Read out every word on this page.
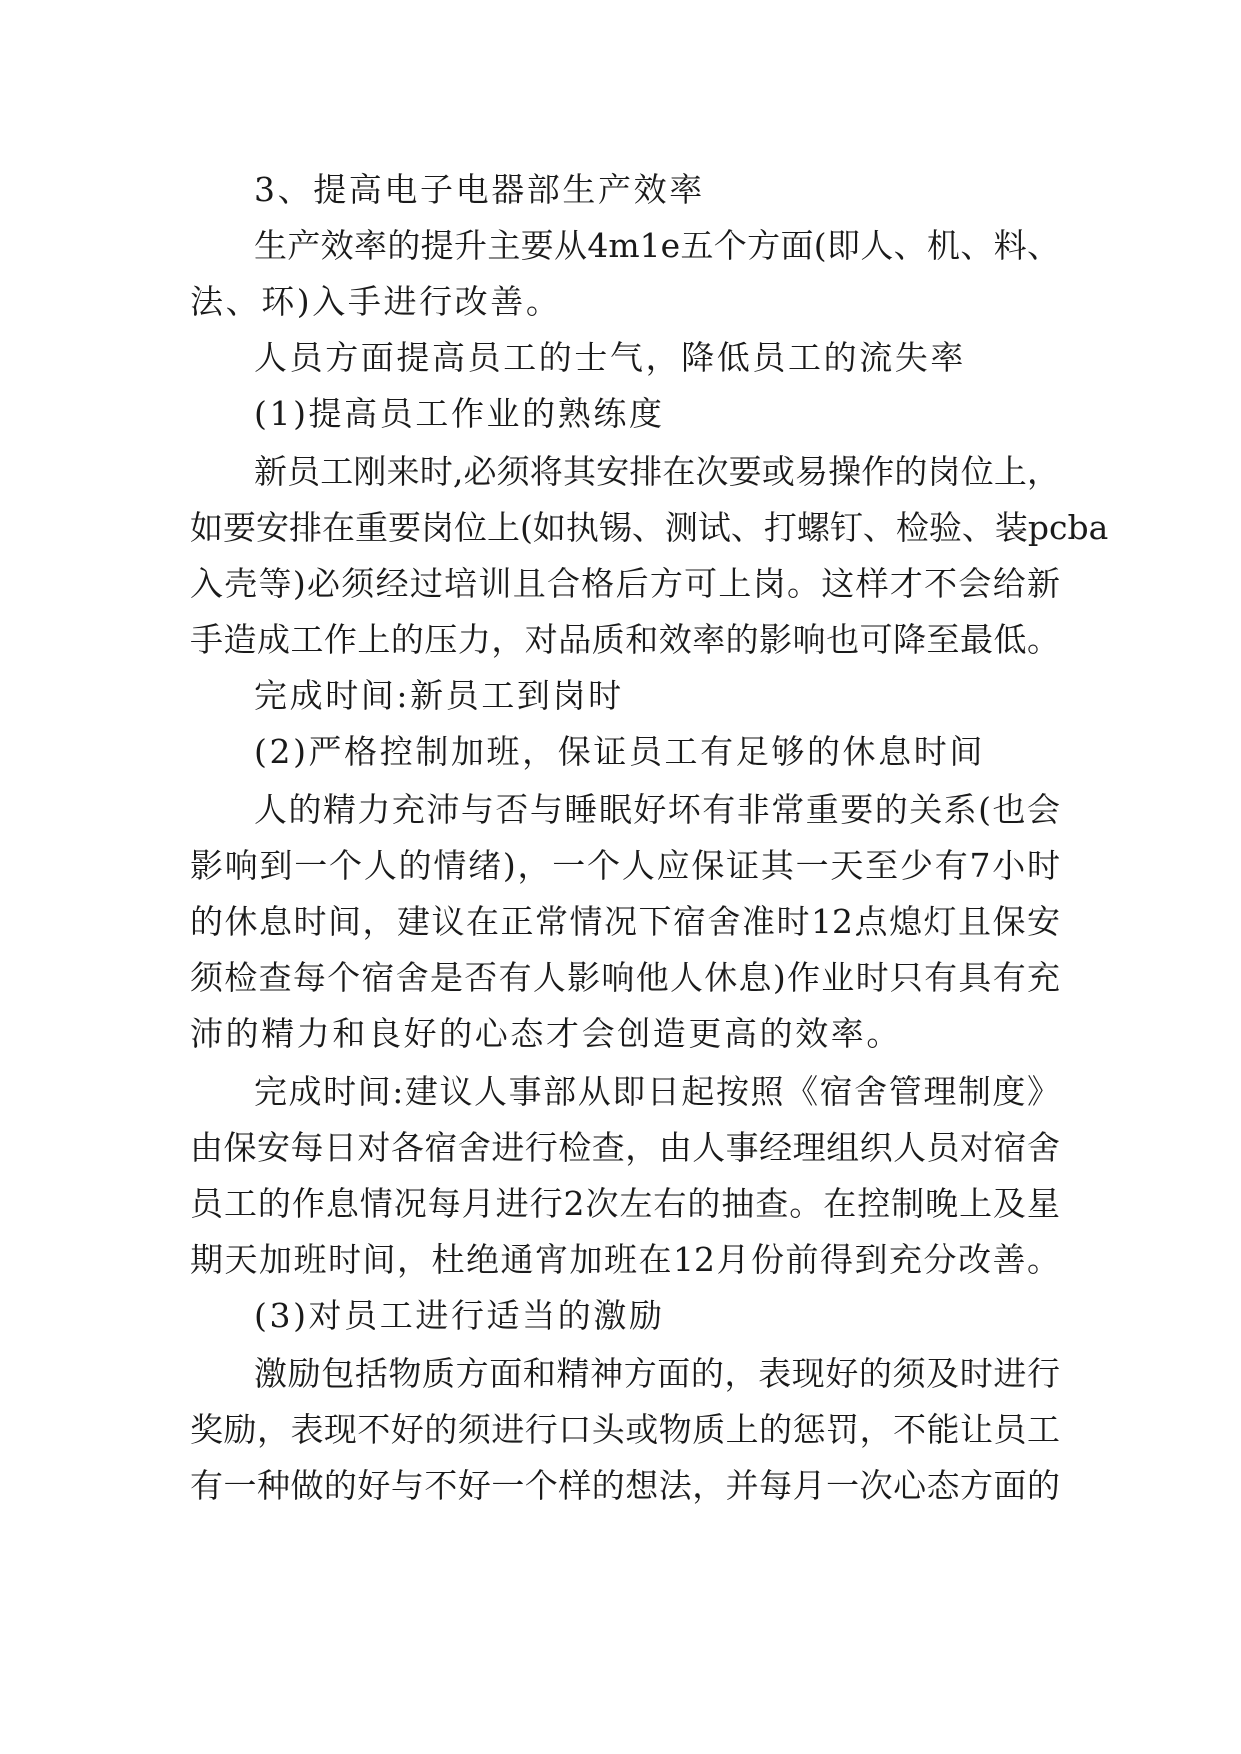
3、提高电子电器部生产效率
生产效率的提升主要从4m1e五个方面(即人、机、料、
法、环)入手进行改善。
人员方面提高员工的士气，降低员工的流失率
(1)提高员工作业的熟练度
新员工刚来时,必须将其安排在次要或易操作的岗位上，
如要安排在重要岗位上(如执锡、测试、打螺钉、检验、装pcba
入壳等)必须经过培训且合格后方可上岗。这样才不会给新
手造成工作上的压力，对品质和效率的影响也可降至最低。
完成时间:新员工到岗时
(2)严格控制加班，保证员工有足够的休息时间
人的精力充沛与否与睡眠好坏有非常重要的关系(也会
影响到一个人的情绪)，一个人应保证其一天至少有7小时
的休息时间，建议在正常情况下宿舍准时12点熄灯且保安
须检查每个宿舍是否有人影响他人休息)作业时只有具有充
沛的精力和良好的心态才会创造更高的效率。
完成时间:建议人事部从即日起按照《宿舍管理制度》
由保安每日对各宿舍进行检查，由人事经理组织人员对宿舍
员工的作息情况每月进行2次左右的抽查。在控制晚上及星
期天加班时间，杜绝通宵加班在12月份前得到充分改善。
(3)对员工进行适当的激励
激励包括物质方面和精神方面的，表现好的须及时进行
奖励，表现不好的须进行口头或物质上的惩罚，不能让员工
有一种做的好与不好一个样的想法，并每月一次心态方面的
